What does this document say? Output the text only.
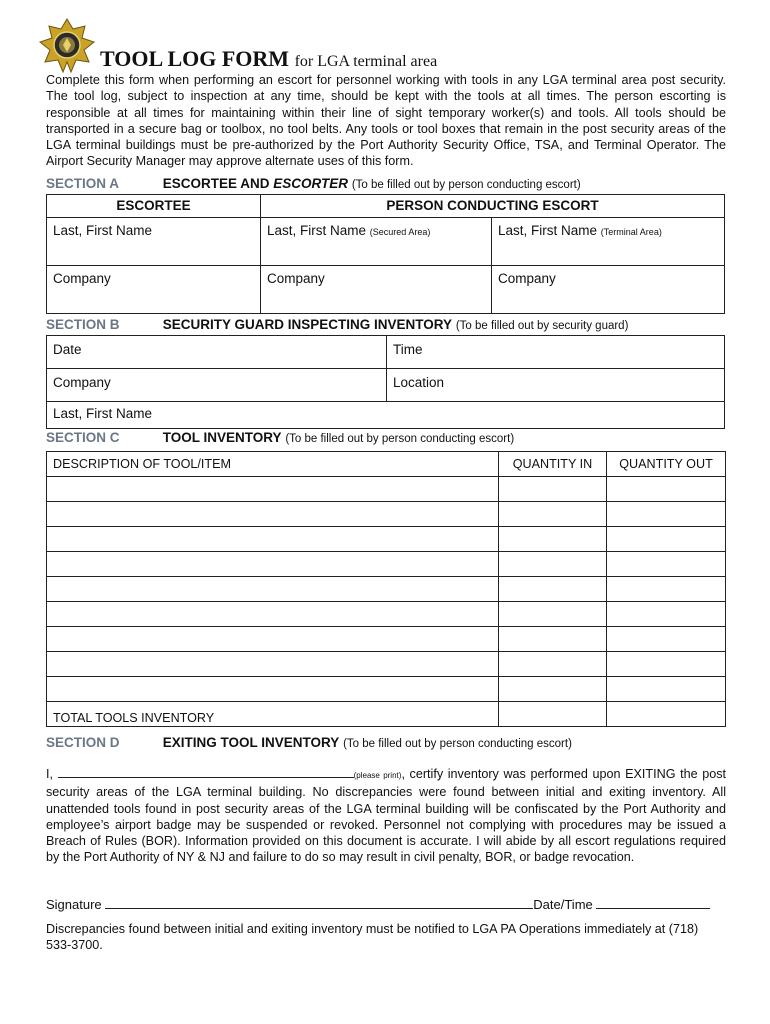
TOOL LOG FORM for LGA terminal area
Complete this form when performing an escort for personnel working with tools in any LGA terminal area post security. The tool log, subject to inspection at any time, should be kept with the tools at all times. The person escorting is responsible at all times for maintaining within their line of sight temporary worker(s) and tools. All tools should be transported in a secure bag or toolbox, no tool belts. Any tools or tool boxes that remain in the post security areas of the LGA terminal buildings must be pre-authorized by the Port Authority Security Office, TSA, and Terminal Operator. The Airport Security Manager may approve alternate uses of this form.
SECTION A	ESCORTEE AND ESCORTER (To be filled out by person conducting escort)
ESCORTEE	PERSON CONDUCTING ESCORT	
Last, First Name	Last, First Name (Secured Area)	Last, First Name (Terminal Area)
Company	Company	Company
SECTION B	SECURITY GUARD INSPECTING INVENTORY (To be filled out by security guard)
Date	Time
Company	Location
Last, First Name	
SECTION C	TOOL INVENTORY (To be filled out by person conducting escort)
DESCRIPTION OF TOOL/ITEM	QUANTITY IN	QUANTITY OUT

TOTAL TOOLS INVENTORY		
SECTION D	EXITING TOOL INVENTORY (To be filled out by person conducting escort)
I,	(please print), certify inventory was performed upon EXITING the post security areas of the LGA terminal building. No discrepancies were found between initial and exiting inventory. All unattended tools found in post security areas of the LGA terminal building will be confiscated by the Port Authority and employee’s airport badge may be suspended or revoked. Personnel not complying with procedures may be issued a Breach of Rules (BOR). Information provided on this document is accurate. I will abide by all escort regulations required by the Port Authority of NY & NJ and failure to do so may result in civil penalty, BOR, or badge revocation.
Signature	Date/Time
Discrepancies found between initial and exiting inventory must be notified to LGA PA Operations immediately at (718) 533-3700.
